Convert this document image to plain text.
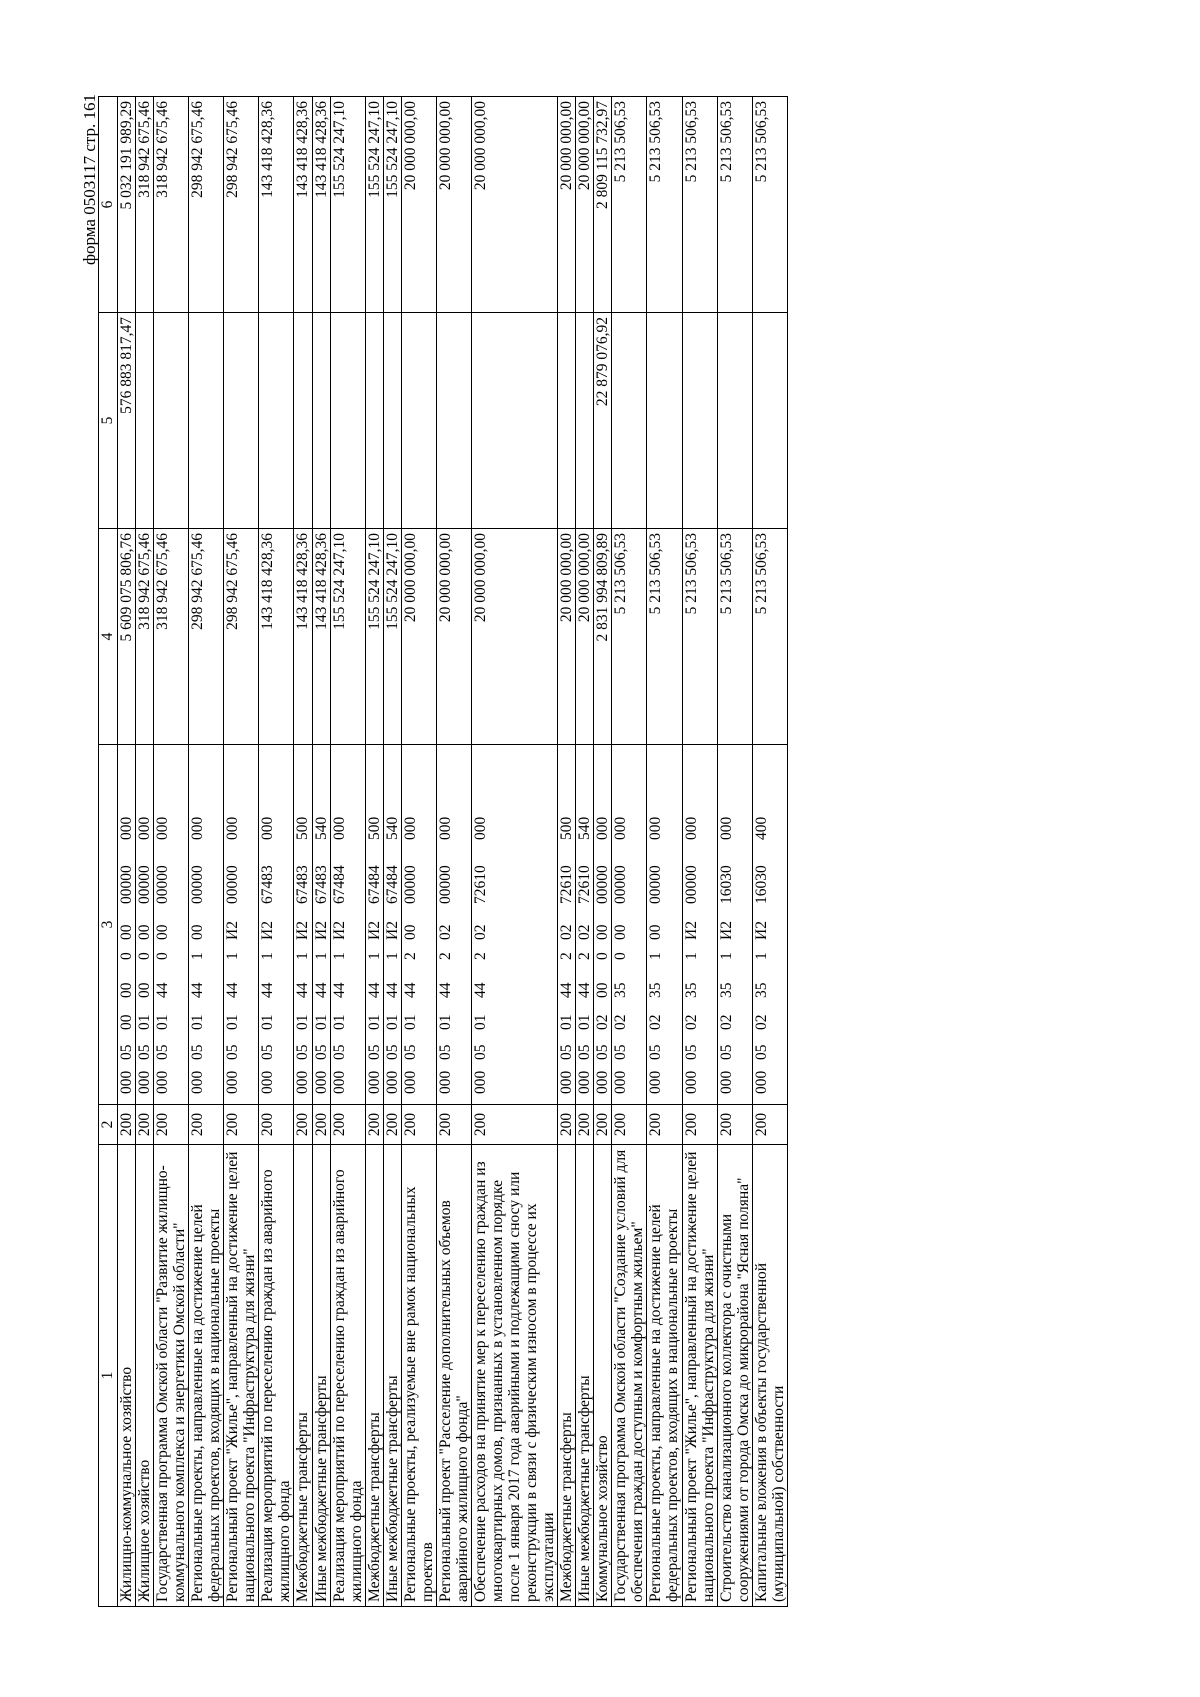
форма 0503117 стр. 161
1	2	3	4	5	6
Жилищно-коммунальное хозяйство	200	00005000000000000000	5 609 075 806,76	576 883 817,47	5 032 191 989,29
Жилищное хозяйство	200	00005010000000000000	318 942 675,46		318 942 675,46
Государственная программа Омской области "Развитие жилищно-коммунального комплекса и энергетики Омской области"	200	00005014400000000000	318 942 675,46		318 942 675,46
Региональные проекты, направленные на достижение целей федеральных проектов, входящих в национальные проекты	200	00005014410000000000	298 942 675,46		298 942 675,46
Региональный проект "Жилье", направленный на достижение целей национального проекта "Инфраструктура для жизни"	200	0000501441И200000000	298 942 675,46		298 942 675,46
Реализация мероприятий по переселению граждан из аварийного жилищного фонда	200	0000501441И267483000	143 418 428,36		143 418 428,36
Межбюджетные трансферты	200	0000501441И267483500	143 418 428,36		143 418 428,36
Иные межбюджетные трансферты	200	0000501441И267483540	143 418 428,36		143 418 428,36
Реализация мероприятий по переселению граждан из аварийного жилищного фонда	200	0000501441И267484000	155 524 247,10		155 524 247,10
Межбюджетные трансферты	200	0000501441И267484500	155 524 247,10		155 524 247,10
Иные межбюджетные трансферты	200	0000501441И267484540	155 524 247,10		155 524 247,10
Региональные проекты, реализуемые вне рамок национальных проектов	200	00005014420000000000	20 000 000,00		20 000 000,00
Региональный проект "Расселение дополнительных объемов аварийного жилищного фонда"	200	00005014420200000000	20 000 000,00		20 000 000,00
Обеспечение расходов на принятие мер к переселению граждан из многоквартирных домов, признанных в установленном порядке после 1 января 2017 года аварийными и подлежащими сносу или реконструкции в связи с физическим износом в процессе их эксплуатации	200	00005014420272610000	20 000 000,00		20 000 000,00
Межбюджетные трансферты	200	00005014420272610500	20 000 000,00		20 000 000,00
Иные межбюджетные трансферты	200	00005014420272610540	20 000 000,00		20 000 000,00
Коммунальное хозяйство	200	00005020000000000000	2 831 994 809,89	22 879 076,92	2 809 115 732,97
Государственная программа Омской области "Создание условий для обеспечения граждан доступным и комфортным жильем"	200	00005023500000000000	5 213 506,53		5 213 506,53
Региональные проекты, направленные на достижение целей федеральных проектов, входящих в национальные проекты	200	00005023510000000000	5 213 506,53		5 213 506,53
Региональный проект "Жилье", направленный на достижение целей национального проекта "Инфраструктура для жизни"	200	0000502351И200000000	5 213 506,53		5 213 506,53
Строительство канализационного коллектора с очистными сооружениями от города Омска до микрорайона "Ясная поляна"	200	0000502351И216030000	5 213 506,53		5 213 506,53
Капитальные вложения в объекты государственной (муниципальной) собственности	200	0000502351И216030400	5 213 506,53		5 213 506,53
